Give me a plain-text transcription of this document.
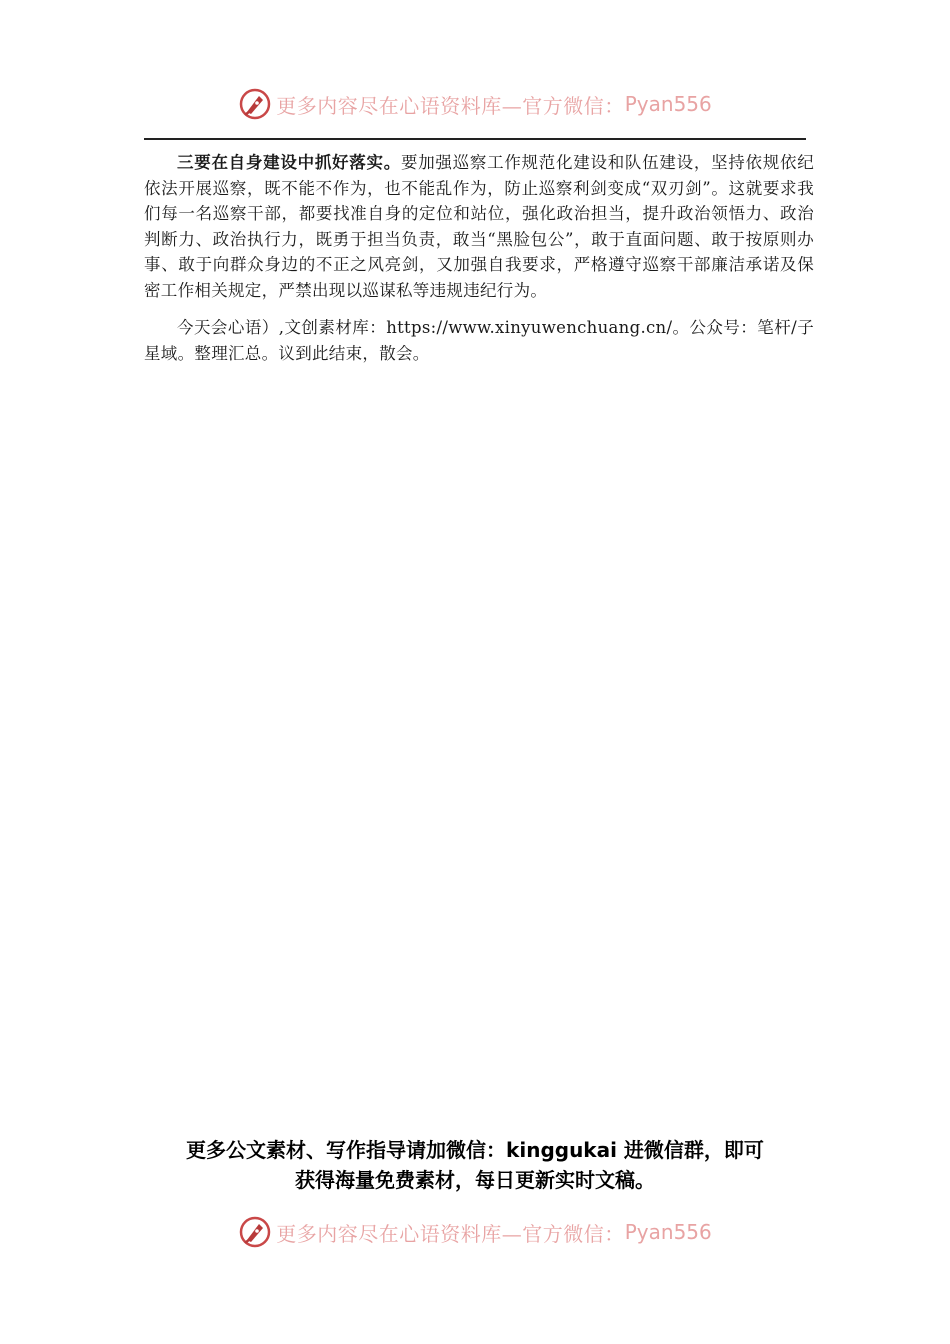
更多内容尽在心语资料库—官方微信： Pyan556

三要在自身建设中抓好落实。要加强巡察工作规范化建设和队伍建设，坚持依规依纪依法开展巡察，既不能不作为，也不能乱作为，防止巡察利剑变成“双刃剑”。这就要求我们每一名巡察干部，都要找准自身的定位和站位，强化政治担当，提升政治领悟力、政治判断力、政治执行力，既勇于担当负责，敢当“黑脸包公”，敢于直面问题、敢于按原则办事、敢于向群众身边的不正之风亮剑，又加强自我要求，严格遵守巡察干部廉洁承诺及保密工作相关规定，严禁出现以巡谋私等违规违纪行为。

今天会心语）,文创素材库：https://www.xinyuwenchuang.cn/。公众号：笔杆/子星域。整理汇总。议到此结束，散会。

更多公文素材、写作指导请加微信：kinggukai 进微信群，即可
获得海量免费素材，每日更新实时文稿。
更多内容尽在心语资料库—官方微信： Pyan556
